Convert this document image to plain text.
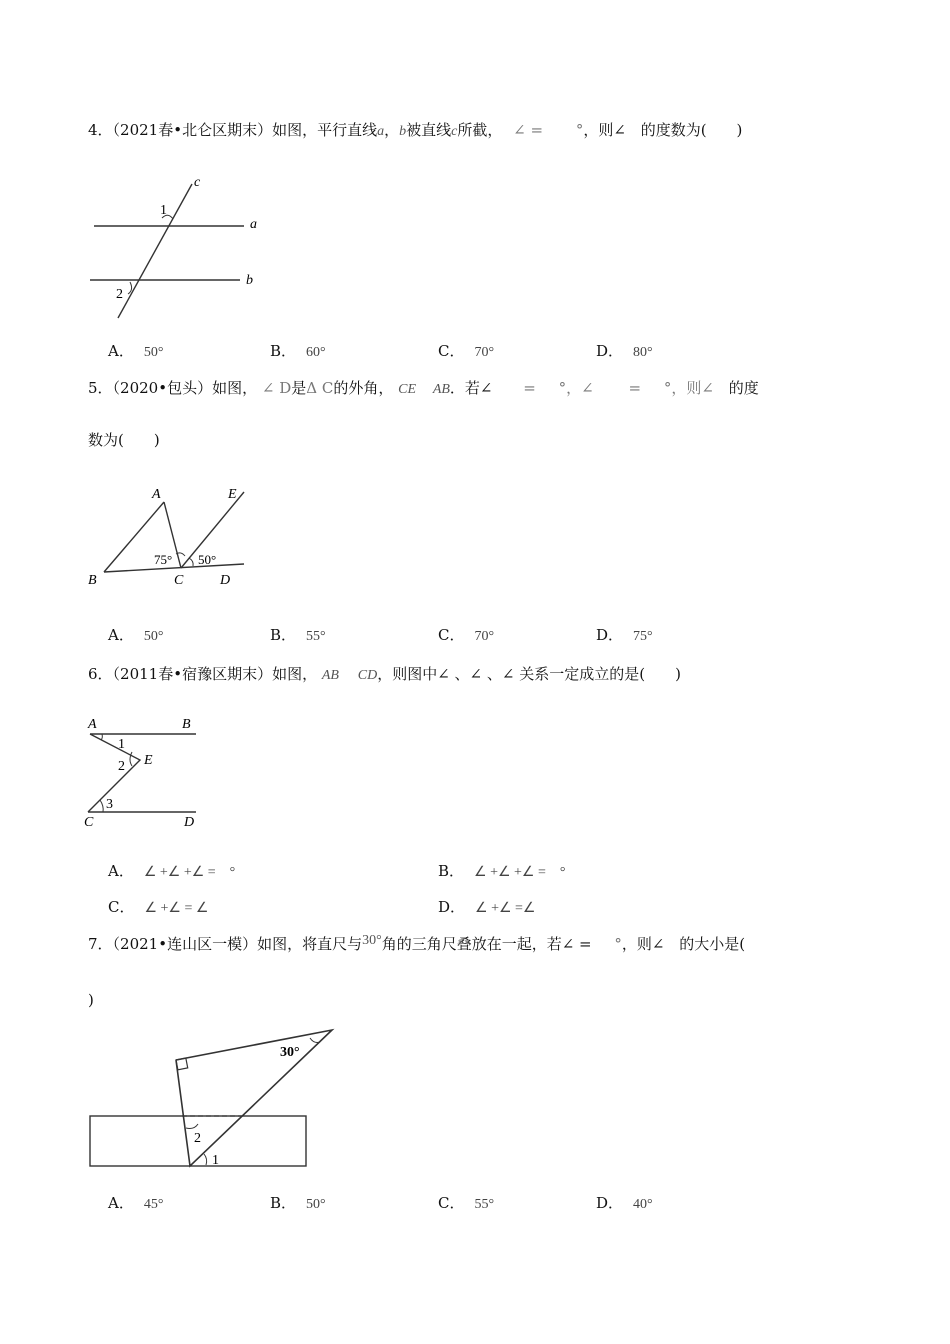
4．（2021春•北仑区期末）如图，平行直线a，b被直线c所截， ∠ = °，则∠ 的度数为(　　)
c
a
b
1
2
A． 50°	B． 60°	C． 70°	D． 80°
5．（2020•包头）如图， ∠ D是Δ C的外角， CE AB．若∠ = °，∠ = °，则∠ 的度
数为(　　)
A	E
B	C	D
75° 50°
A． 50°	B． 55°	C． 70°	D． 75°
6．（2011春•宿豫区期末）如图， AB CD，则图中∠ 、∠ 、∠ 关系一定成立的是(　　)
A	B
C	D
E
1
2
3
A． ∠ +∠ +∠ =　°	B． ∠ +∠ +∠ =　°
C． ∠ +∠ = ∠	D． ∠ +∠ =∠
7．（2021•连山区一模）如图，将直尺与30°角的三角尺叠放在一起，若∠ = °，则∠ 的大小是(
)
30°
2
1
A． 45°	B． 50°	C． 55°	D． 40°
